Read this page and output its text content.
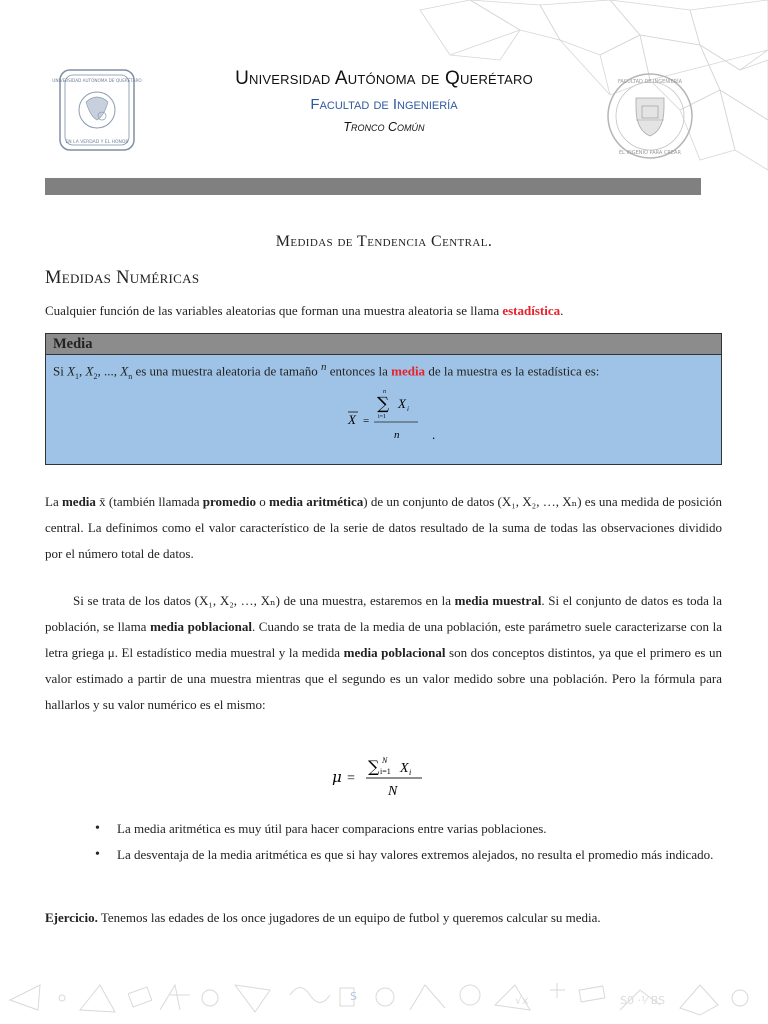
√x	S0 ·¹⁄ BS
S
UNIVERSIDAD AUTÓNOMA DE QUERÉTARO
EN LA VERDAD Y EL HONOR
FACULTAD DE INGENIERÍA
EL INGENIO PARA CREAR
Universidad Autónoma de Querétaro
Facultad de Ingeniería
Tronco Común
Medidas de Tendencia Central.
Medidas Numéricas
Cualquier función de las variables aleatorias que forman una muestra aleatoria se llama estadística.
Media
Si $X_1$, $X_2$, ..., $X_n$ es una muestra aleatoria de tamaño $^n$ entonces la media de la muestra es la estadística es:
X =
n
∑
i=1
X i
n	.
La media x̄ (también llamada promedio o media aritmética) de un conjunto de datos (X₁, X₂, …, Xₙ) es una medida de posición central. La definimos como el valor característico de la serie de datos resultado de la suma de todas las observaciones dividido por el número total de datos.
Si se trata de los datos (X₁, X₂, …, Xₙ) de una muestra, estaremos en la media muestral. Si el conjunto de datos es toda la población, se llama media poblacional. Cuando se trata de la media de una población, este parámetro suele caracterizarse con la letra griega μ. El estadístico media muestral y la medida media poblacional son dos conceptos distintos, ya que el primero es un valor estimado a partir de una muestra mientras que el segundo es un valor medido sobre una población. Pero la fórmula para hallarlos y su valor numérico es el mismo:
μ =
∑ N
i=1 X i
N
• La media aritmética es muy útil para hacer comparacions entre varias poblaciones.
• La desventaja de la media aritmética es que si hay valores extremos alejados, no resulta el promedio más indicado.
Ejercicio. Tenemos las edades de los once jugadores de un equipo de futbol y queremos calcular su media.
